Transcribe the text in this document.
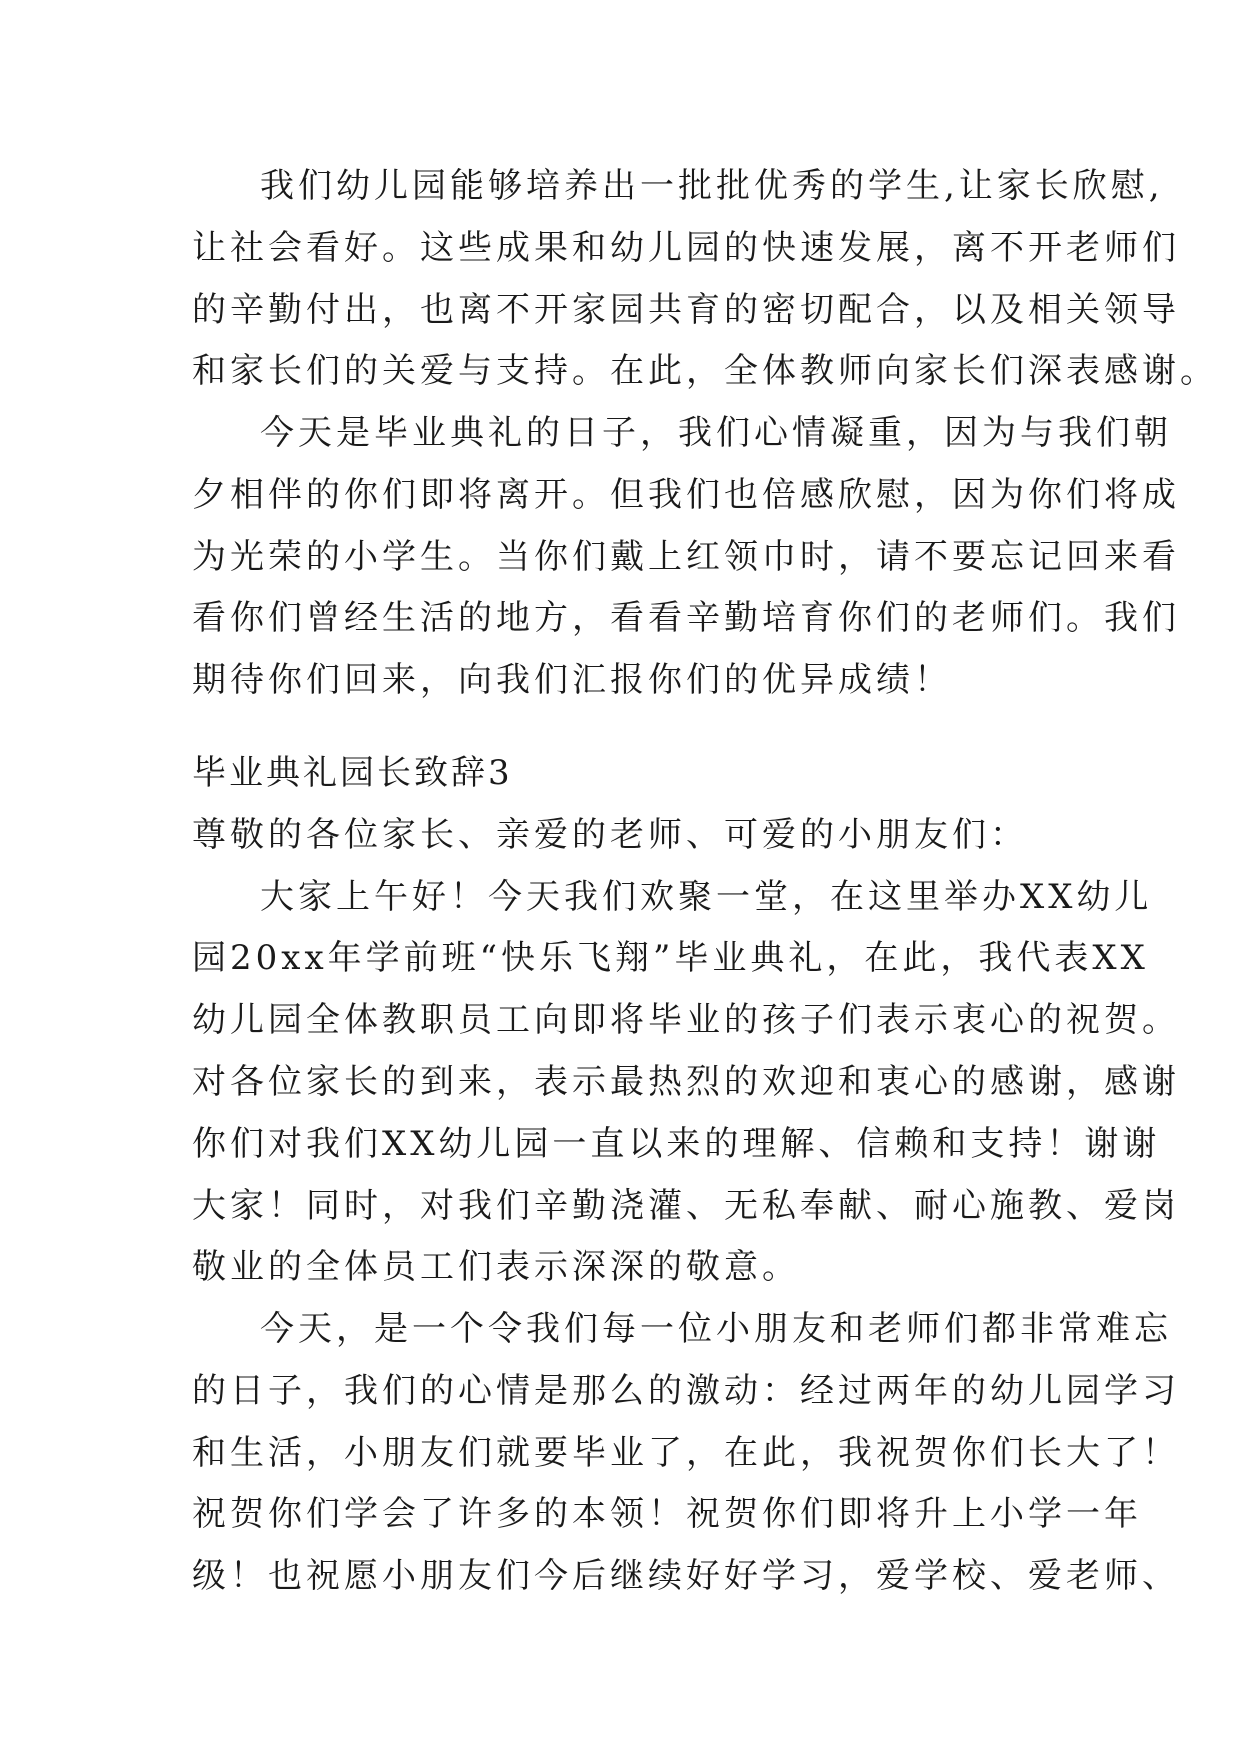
我们幼儿园能够培养出一批批优秀的学生,让家长欣慰,
让社会看好。这些成果和幼儿园的快速发展，离不开老师们
的辛勤付出，也离不开家园共育的密切配合，以及相关领导
和家长们的关爱与支持。在此，全体教师向家长们深表感谢。
今天是毕业典礼的日子，我们心情凝重，因为与我们朝
夕相伴的你们即将离开。但我们也倍感欣慰，因为你们将成
为光荣的小学生。当你们戴上红领巾时，请不要忘记回来看
看你们曾经生活的地方，看看辛勤培育你们的老师们。我们
期待你们回来，向我们汇报你们的优异成绩！
毕业典礼园长致辞3
尊敬的各位家长、亲爱的老师、可爱的小朋友们：
大家上午好！今天我们欢聚一堂，在这里举办XX幼儿
园20xx年学前班“快乐飞翔”毕业典礼，在此，我代表XX
幼儿园全体教职员工向即将毕业的孩子们表示衷心的祝贺。
对各位家长的到来，表示最热烈的欢迎和衷心的感谢，感谢
你们对我们XX幼儿园一直以来的理解、信赖和支持！谢谢
大家！同时，对我们辛勤浇灌、无私奉献、耐心施教、爱岗
敬业的全体员工们表示深深的敬意。
今天，是一个令我们每一位小朋友和老师们都非常难忘
的日子，我们的心情是那么的激动：经过两年的幼儿园学习
和生活，小朋友们就要毕业了，在此，我祝贺你们长大了！
祝贺你们学会了许多的本领！祝贺你们即将升上小学一年
级！也祝愿小朋友们今后继续好好学习，爱学校、爱老师、
